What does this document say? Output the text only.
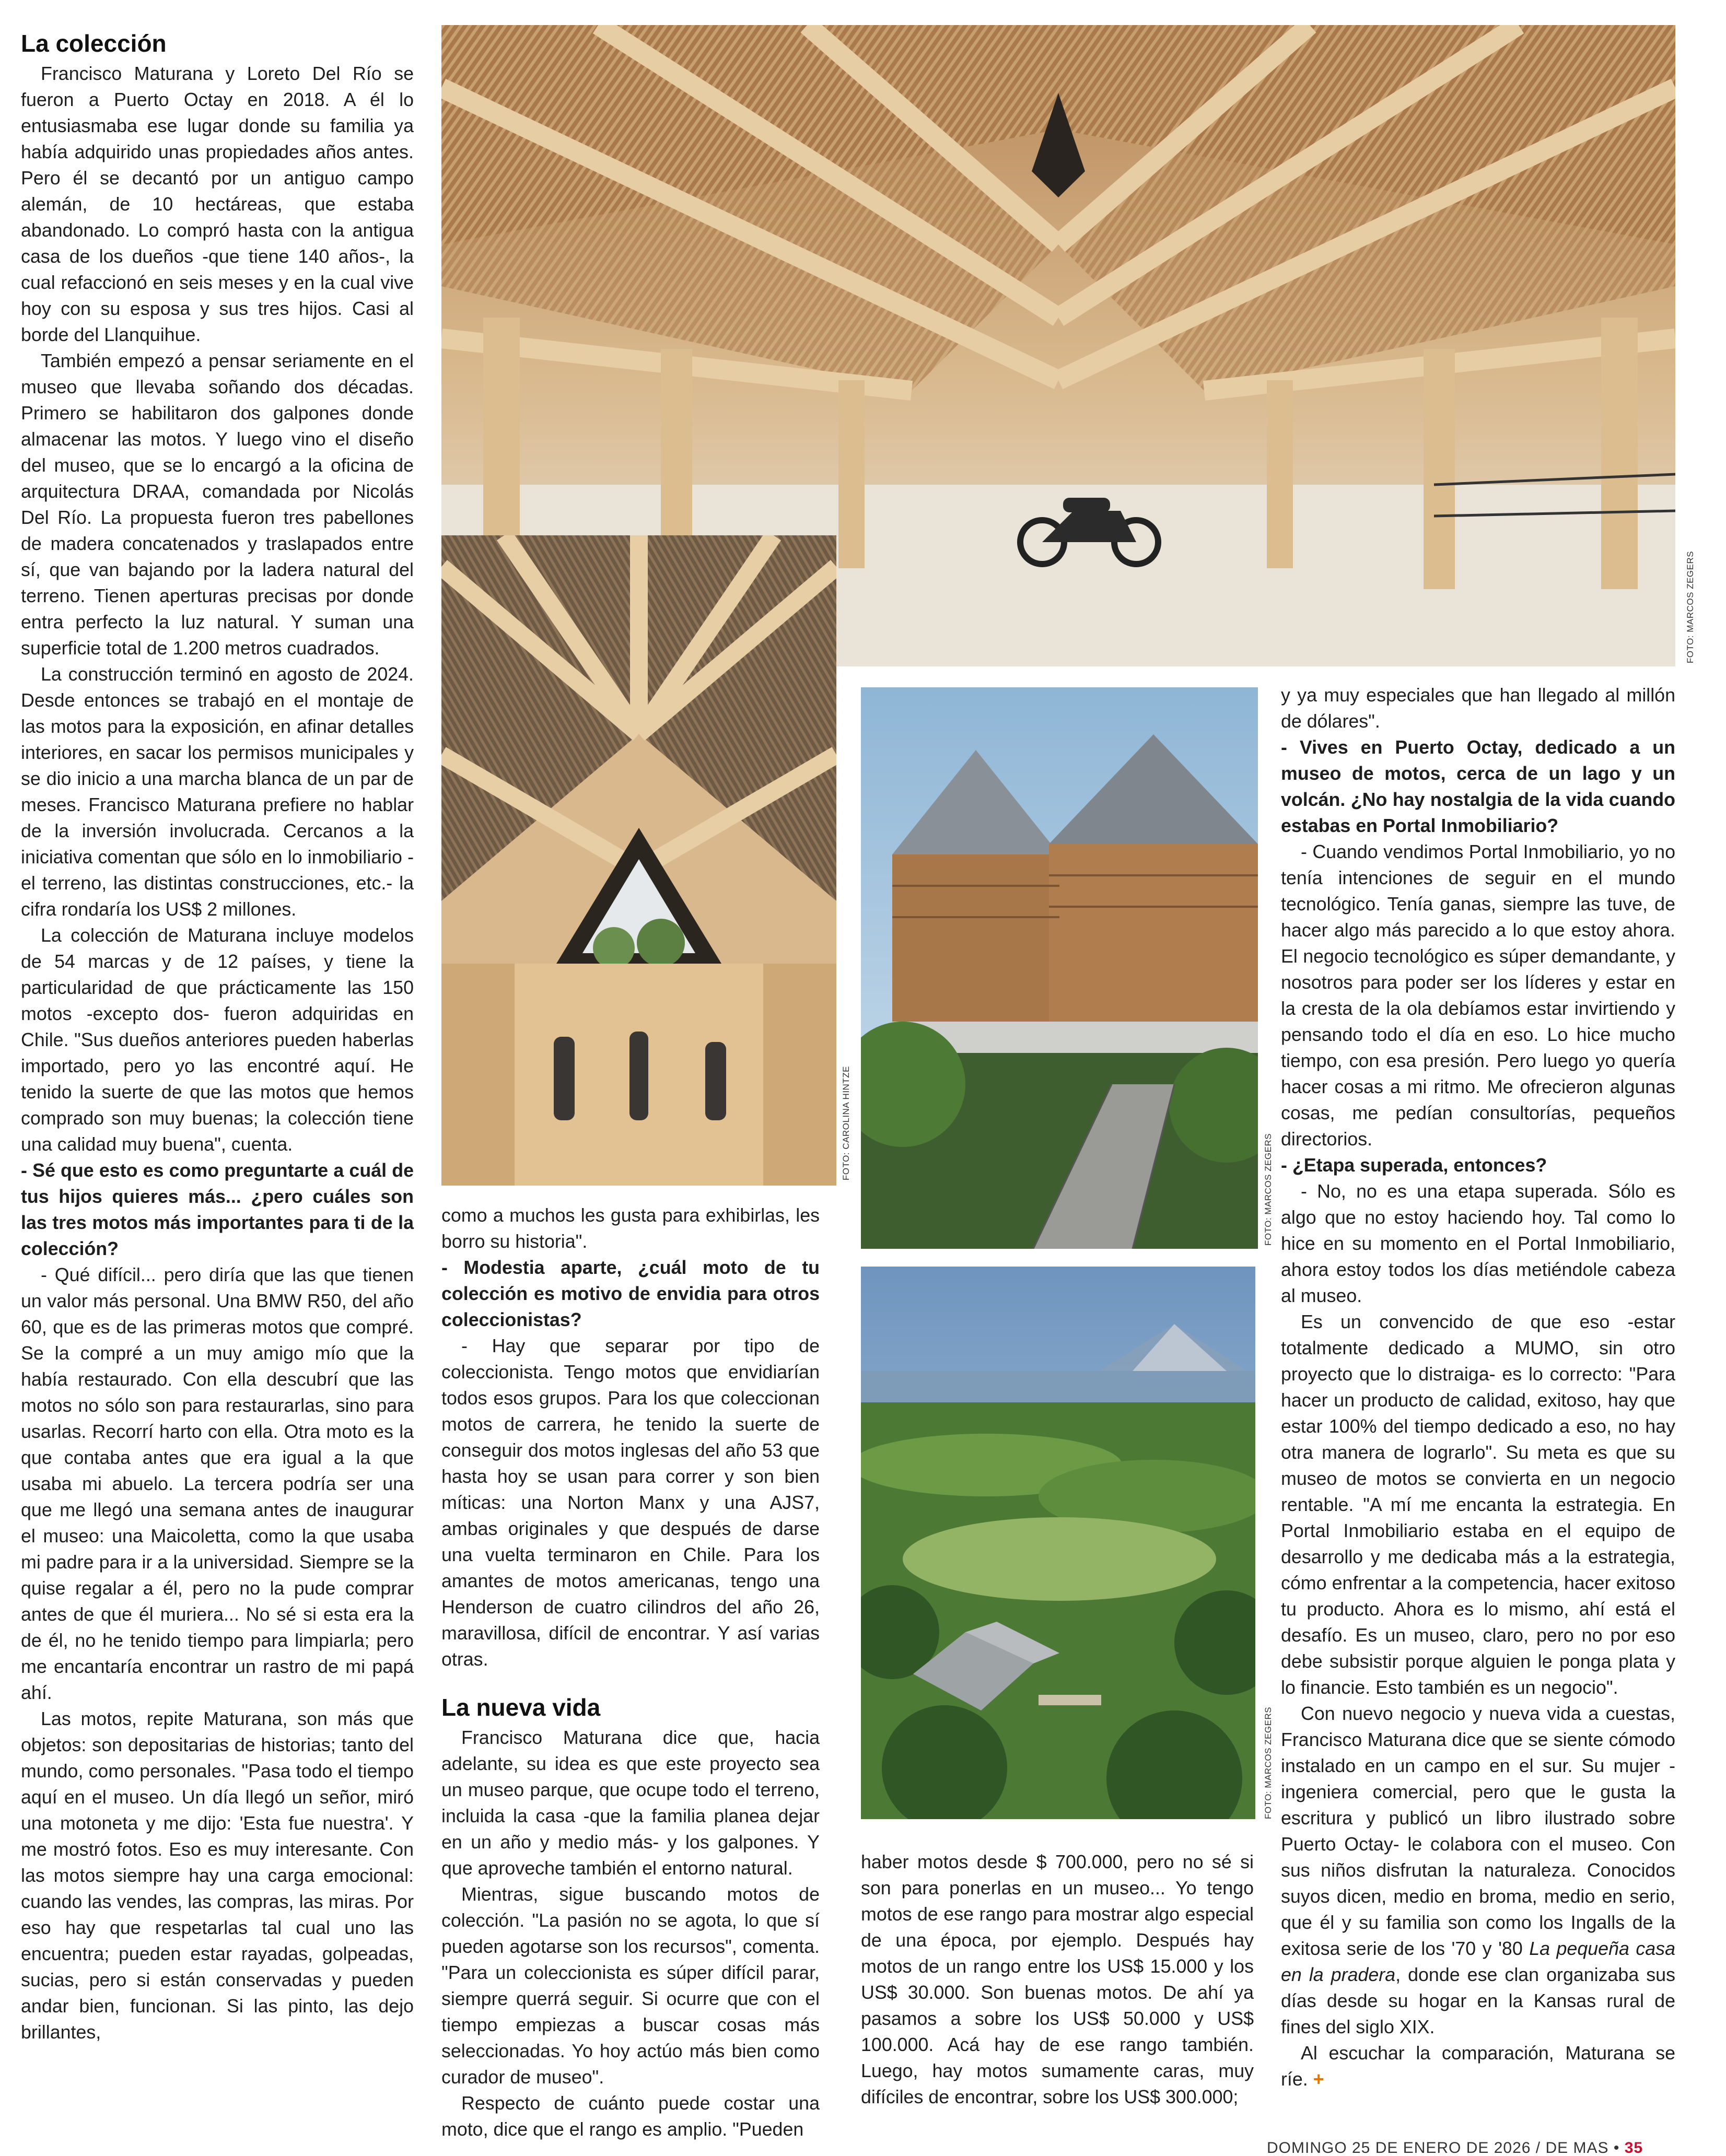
La colección

Francisco Maturana y Loreto Del Río se fueron a Puerto Octay en 2018. A él lo entusiasmaba ese lugar donde su familia ya había adquirido unas propiedades años antes. Pero él se decantó por un antiguo campo alemán, de 10 hectáreas, que estaba abandonado. Lo compró hasta con la antigua casa de los dueños -que tiene 140 años-, la cual refaccionó en seis meses y en la cual vive hoy con su esposa y sus tres hijos. Casi al borde del Llanquihue.

También empezó a pensar seriamente en el museo que llevaba soñando dos décadas. Primero se habilitaron dos galpones donde almacenar las motos. Y luego vino el diseño del museo, que se lo encargó a la oficina de arquitectura DRAA, comandada por Nicolás Del Río. La propuesta fueron tres pabellones de madera concatenados y traslapados entre sí, que van bajando por la ladera natural del terreno. Tienen aperturas precisas por donde entra perfecto la luz natural. Y suman una superficie total de 1.200 metros cuadrados.

La construcción terminó en agosto de 2024. Desde entonces se trabajó en el montaje de las motos para la exposición, en afinar detalles interiores, en sacar los permisos municipales y se dio inicio a una marcha blanca de un par de meses. Francisco Maturana prefiere no hablar de la inversión involucrada. Cercanos a la iniciativa comentan que sólo en lo inmobiliario -el terreno, las distintas construcciones, etc.- la cifra rondaría los US$ 2 millones.

La colección de Maturana incluye modelos de 54 marcas y de 12 países, y tiene la particularidad de que prácticamente las 150 motos -excepto dos- fueron adquiridas en Chile. "Sus dueños anteriores pueden haberlas importado, pero yo las encontré aquí. He tenido la suerte de que las motos que hemos comprado son muy buenas; la colección tiene una calidad muy buena", cuenta.

- Sé que esto es como preguntarte a cuál de tus hijos quieres más... ¿pero cuáles son las tres motos más importantes para ti de la colección?

- Qué difícil... pero diría que las que tienen un valor más personal. Una BMW R50, del año 60, que es de las primeras motos que compré. Se la compré a un muy amigo mío que la había restaurado. Con ella descubrí que las motos no sólo son para restaurarlas, sino para usarlas. Recorrí harto con ella. Otra moto es la que contaba antes que era igual a la que usaba mi abuelo. La tercera podría ser una que me llegó una semana antes de inaugurar el museo: una Maicoletta, como la que usaba mi padre para ir a la universidad. Siempre se la quise regalar a él, pero no la pude comprar antes de que él muriera... No sé si esta era la de él, no he tenido tiempo para limpiarla; pero me encantaría encontrar un rastro de mi papá ahí.

Las motos, repite Maturana, son más que objetos: son depositarias de historias; tanto del mundo, como personales. "Pasa todo el tiempo aquí en el museo. Un día llegó un señor, miró una motoneta y me dijo: 'Esta fue nuestra'. Y me mostró fotos. Eso es muy interesante. Con las motos siempre hay una carga emocional: cuando las vendes, las compras, las miras. Por eso hay que respetarlas tal cual uno las encuentra; pueden estar rayadas, golpeadas, sucias, pero si están conservadas y pueden andar bien, funcionan. Si las pinto, las dejo brillantes,

FOTO: MARCOS ZEGERS
FOTO: CAROLINA HINTZE
FOTO: MARCOS ZEGERS
FOTO: MARCOS ZEGERS

como a muchos les gusta para exhibirlas, les borro su historia".

- Modestia aparte, ¿cuál moto de tu colección es motivo de envidia para otros coleccionistas?

- Hay que separar por tipo de coleccionista. Tengo motos que envidiarían todos esos grupos. Para los que coleccionan motos de carrera, he tenido la suerte de conseguir dos motos inglesas del año 53 que hasta hoy se usan para correr y son bien míticas: una Norton Manx y una AJS7, ambas originales y que después de darse una vuelta terminaron en Chile. Para los amantes de motos americanas, tengo una Henderson de cuatro cilindros del año 26, maravillosa, difícil de encontrar. Y así varias otras.

La nueva vida

Francisco Maturana dice que, hacia adelante, su idea es que este proyecto sea un museo parque, que ocupe todo el terreno, incluida la casa -que la familia planea dejar en un año y medio más- y los galpones. Y que aproveche también el entorno natural.

Mientras, sigue buscando motos de colección. "La pasión no se agota, lo que sí pueden agotarse son los recursos", comenta. "Para un coleccionista es súper difícil parar, siempre querrá seguir. Si ocurre que con el tiempo empiezas a buscar cosas más seleccionadas. Yo hoy actúo más bien como curador de museo".

Respecto de cuánto puede costar una moto, dice que el rango es amplio. "Pueden

haber motos desde $ 700.000, pero no sé si son para ponerlas en un museo... Yo tengo motos de ese rango para mostrar algo especial de una época, por ejemplo. Después hay motos de un rango entre los US$ 15.000 y los US$ 30.000. Son buenas motos. De ahí ya pasamos a sobre los US$ 50.000 y US$ 100.000. Acá hay de ese rango también. Luego, hay motos sumamente caras, muy difíciles de encontrar, sobre los US$ 300.000;

y ya muy especiales que han llegado al millón de dólares".

- Vives en Puerto Octay, dedicado a un museo de motos, cerca de un lago y un volcán. ¿No hay nostalgia de la vida cuando estabas en Portal Inmobiliario?

- Cuando vendimos Portal Inmobiliario, yo no tenía intenciones de seguir en el mundo tecnológico. Tenía ganas, siempre las tuve, de hacer algo más parecido a lo que estoy ahora. El negocio tecnológico es súper demandante, y nosotros para poder ser los líderes y estar en la cresta de la ola debíamos estar invirtiendo y pensando todo el día en eso. Lo hice mucho tiempo, con esa presión. Pero luego yo quería hacer cosas a mi ritmo. Me ofrecieron algunas cosas, me pedían consultorías, pequeños directorios.

- ¿Etapa superada, entonces?

- No, no es una etapa superada. Sólo es algo que no estoy haciendo hoy. Tal como lo hice en su momento en el Portal Inmobiliario, ahora estoy todos los días metiéndole cabeza al museo.

Es un convencido de que eso -estar totalmente dedicado a MUMO, sin otro proyecto que lo distraiga- es lo correcto: "Para hacer un producto de calidad, exitoso, hay que estar 100% del tiempo dedicado a eso, no hay otra manera de lograrlo". Su meta es que su museo de motos se convierta en un negocio rentable. "A mí me encanta la estrategia. En Portal Inmobiliario estaba en el equipo de desarrollo y me dedicaba más a la estrategia, cómo enfrentar a la competencia, hacer exitoso tu producto. Ahora es lo mismo, ahí está el desafío. Es un museo, claro, pero no por eso debe subsistir porque alguien le ponga plata y lo financie. Esto también es un negocio".

Con nuevo negocio y nueva vida a cuestas, Francisco Maturana dice que se siente cómodo instalado en un campo en el sur. Su mujer -ingeniera comercial, pero que le gusta la escritura y publicó un libro ilustrado sobre Puerto Octay- le colabora con el museo. Con sus niños disfrutan la naturaleza. Conocidos suyos dicen, medio en broma, medio en serio, que él y su familia son como los Ingalls de la exitosa serie de los '70 y '80 La pequeña casa en la pradera, donde ese clan organizaba sus días desde su hogar en la Kansas rural de fines del siglo XIX.

Al escuchar la comparación, Maturana se ríe. +

DOMINGO 25 DE ENERO DE 2026 / DE MAS • 35
